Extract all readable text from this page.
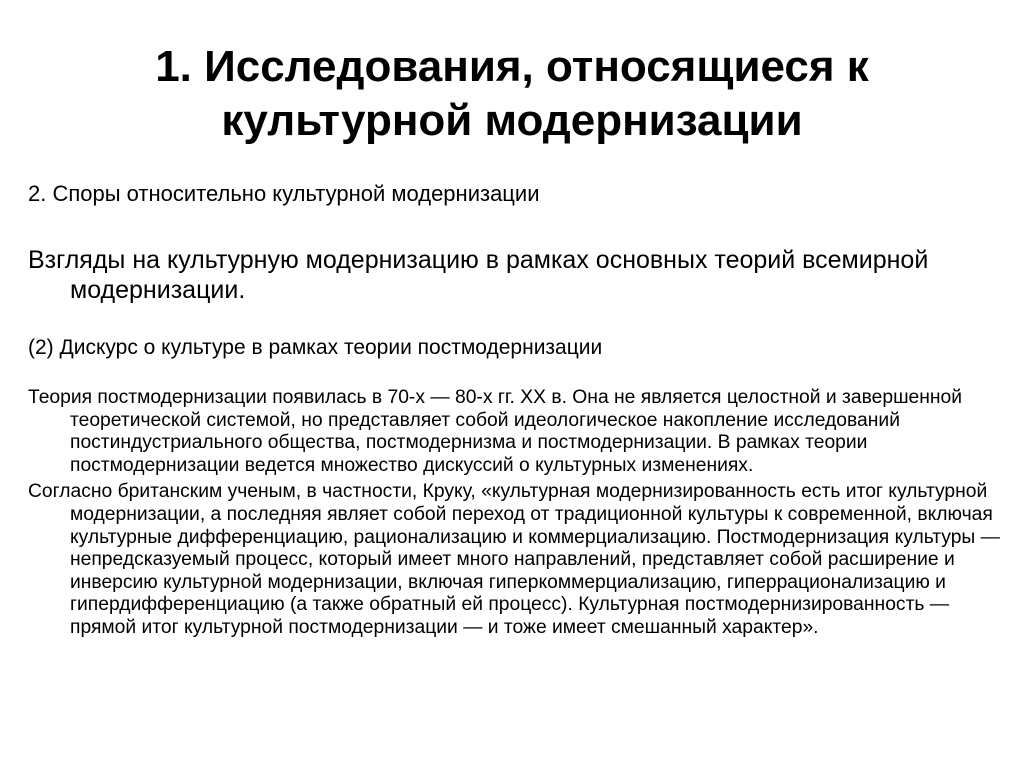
1. Исследования, относящиеся к культурной модернизации

2. Споры относительно культурной модернизации

Взгляды на культурную модернизацию в рамках основных теорий всемирной модернизации.

(2) Дискурс о культуре в рамках теории постмодернизации

Теория постмодернизации появилась в 70-х — 80-х гг. XX в. Она не является целостной и завершенной теоретической системой, но представляет собой идеологическое накопление исследований постиндустриального общества, постмодернизма и постмодернизации. В рамках теории постмодернизации ведется множество дискуссий о культурных изменениях.

Согласно британским ученым, в частности, Круку, «культурная модернизированность есть итог культурной модернизации, а последняя являет собой переход от традиционной культуры к современной, включая культурные дифференциацию, рационализацию и коммерциализацию. Постмодернизация культуры — непредсказуемый процесс, который имеет много направлений, представляет собой расширение и инверсию культурной модернизации, включая гиперкоммерциализацию, гиперрационализацию и гипердифференциацию (а также обратный ей процесс). Культурная постмодернизированность — прямой итог культурной постмодернизации — и тоже имеет смешанный характер».
